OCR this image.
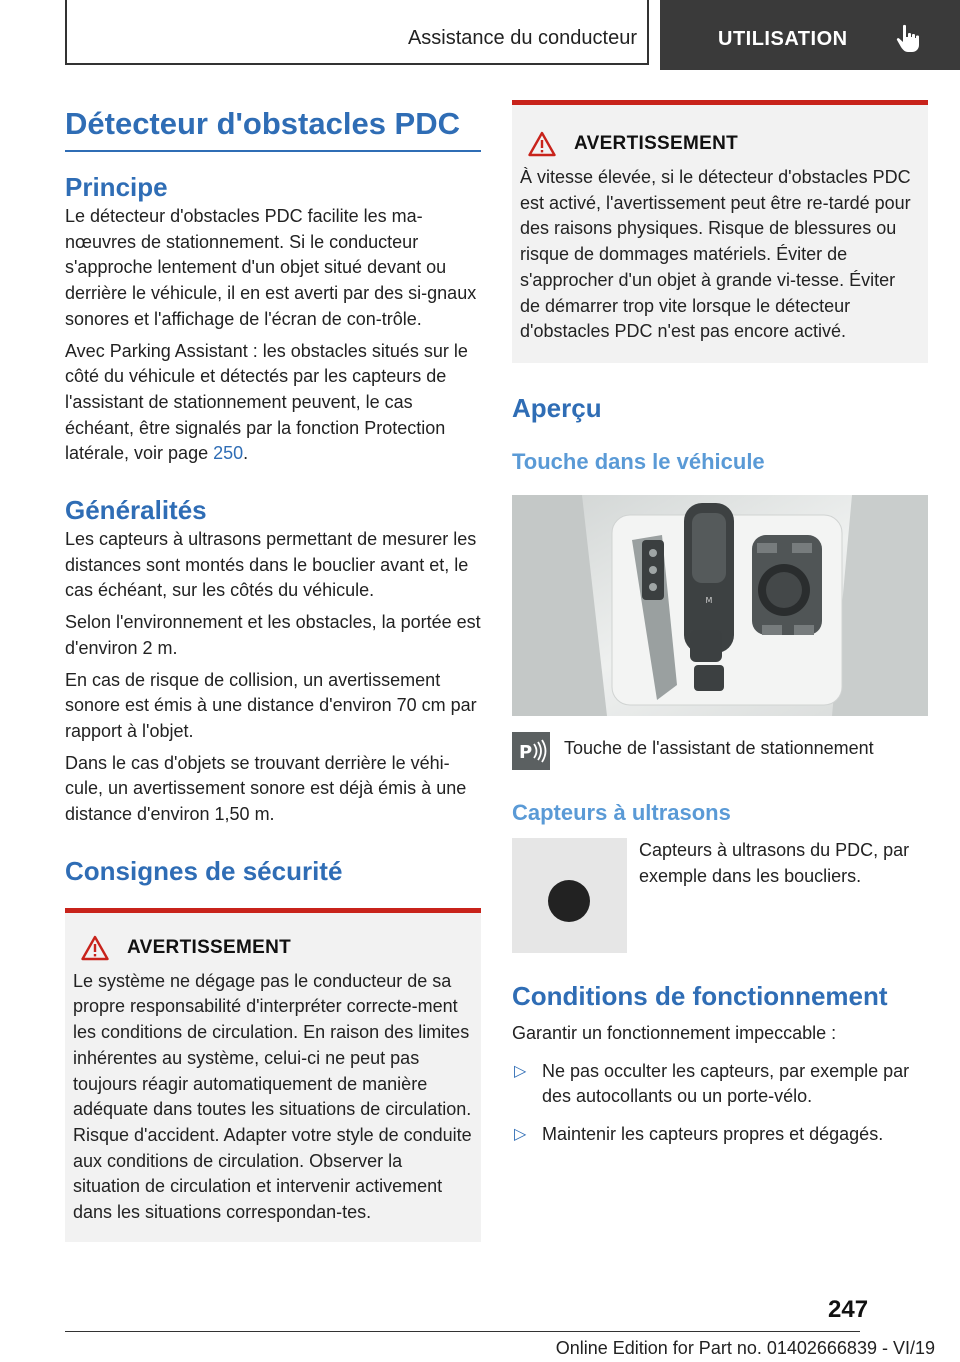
Assistance du conducteur	UTILISATION
Détecteur d'obstacles PDC
Principe

Le détecteur d'obstacles PDC facilite les ma-nœuvres de stationnement. Si le conducteur s'approche lentement d'un objet situé devant ou derrière le véhicule, il en est averti par des si-gnaux sonores et l'affichage de l'écran de con-trôle.

Avec Parking Assistant : les obstacles situés sur le côté du véhicule et détectés par les capteurs de l'assistant de stationnement peuvent, le cas échéant, être signalés par la fonction Protection latérale, voir page 250.

Généralités

Les capteurs à ultrasons permettant de mesurer les distances sont montés dans le bouclier avant et, le cas échéant, sur les côtés du véhicule.

Selon l'environnement et les obstacles, la portée est d'environ 2 m.

En cas de risque de collision, un avertissement sonore est émis à une distance d'environ 70 cm par rapport à l'objet.

Dans le cas d'objets se trouvant derrière le véhi-cule, un avertissement sonore est déjà émis à une distance d'environ 1,50 m.

Consignes de sécurité
AVERTISSEMENT

Le système ne dégage pas le conducteur de sa propre responsabilité d'interpréter correcte-ment les conditions de circulation. En raison des limites inhérentes au système, celui-ci ne peut pas toujours réagir automatiquement de manière adéquate dans toutes les situations de circulation. Risque d'accident. Adapter votre style de conduite aux conditions de circulation. Observer la situation de circulation et intervenir activement dans les situations correspondan-tes.

AVERTISSEMENT

À vitesse élevée, si le détecteur d'obstacles PDC est activé, l'avertissement peut être re-tardé pour des raisons physiques. Risque de blessures ou risque de dommages matériels. Éviter de s'approcher d'un objet à grande vi-tesse. Éviter de démarrer trop vite lorsque le détecteur d'obstacles PDC n'est pas encore activé.

Aperçu
Touche dans le véhicule
M
P Touche de l'assistant de stationnement

Capteurs à ultrasons

Capteurs à ultrasons du PDC, par exemple dans les boucliers.

Conditions de fonctionnement

Garantir un fonctionnement impeccable :

▷ Ne pas occulter les capteurs, par exemple par des autocollants ou un porte-vélo.
▷ Maintenir les capteurs propres et dégagés.
247
Online Edition for Part no. 01402666839 - VI/19
